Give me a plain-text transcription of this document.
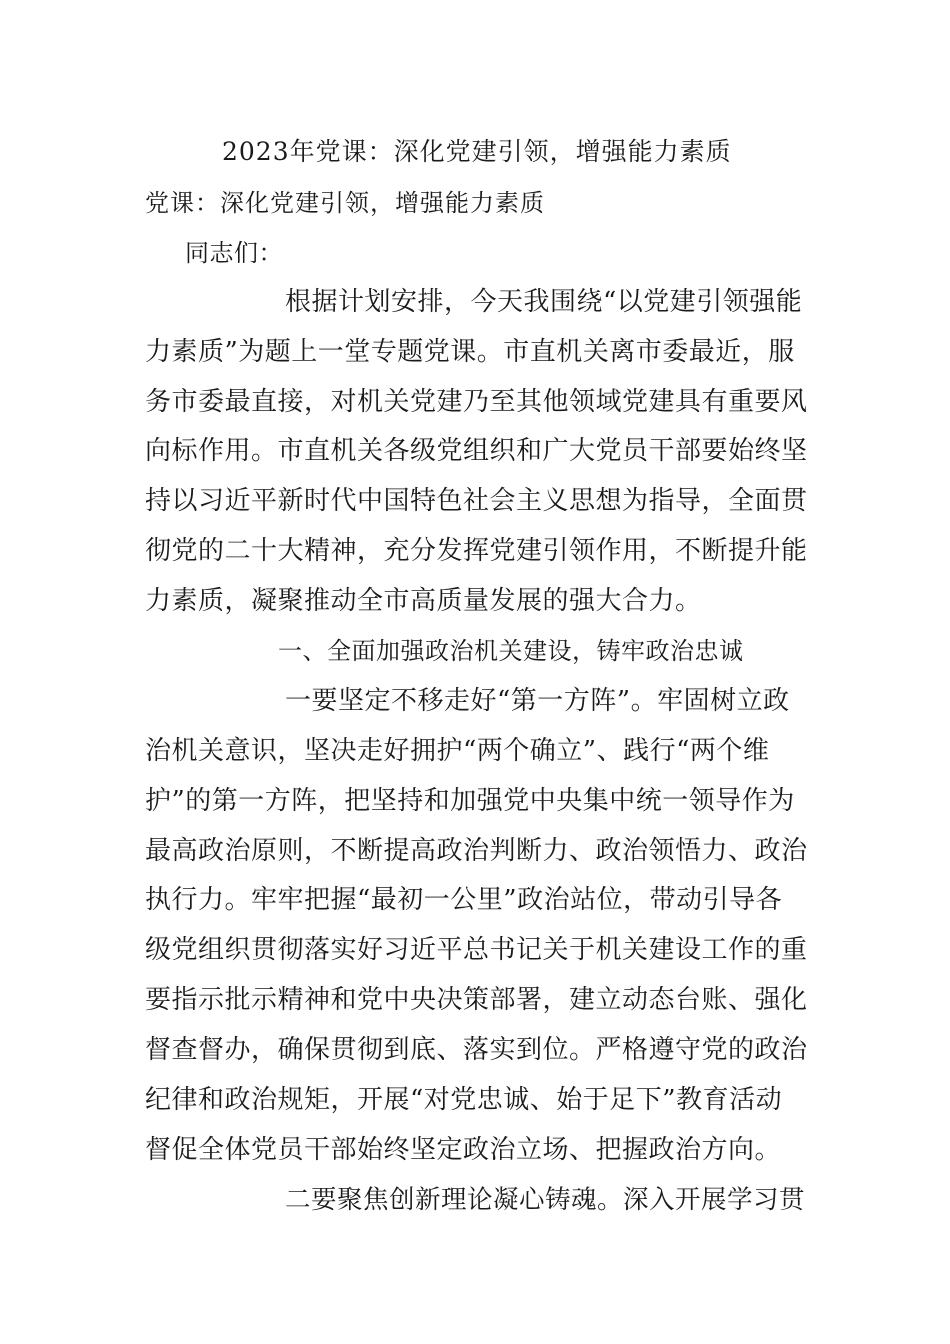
2023年党课：深化党建引领，增强能力素质
党课：深化党建引领，增强能力素质
同志们：
根据计划安排，今天我围绕“以党建引领强能
力素质”为题上一堂专题党课。市直机关离市委最近，服
务市委最直接，对机关党建乃至其他领域党建具有重要风
向标作用。市直机关各级党组织和广大党员干部要始终坚
持以习近平新时代中国特色社会主义思想为指导，全面贯
彻党的二十大精神，充分发挥党建引领作用，不断提升能
力素质，凝聚推动全市高质量发展的强大合力。
一、全面加强政治机关建设，铸牢政治忠诚
一要坚定不移走好“第一方阵”。牢固树立政
治机关意识，坚决走好拥护“两个确立”、践行“两个维
护”的第一方阵，把坚持和加强党中央集中统一领导作为
最高政治原则，不断提高政治判断力、政治领悟力、政治
执行力。牢牢把握“最初一公里”政治站位，带动引导各
级党组织贯彻落实好习近平总书记关于机关建设工作的重
要指示批示精神和党中央决策部署，建立动态台账、强化
督查督办，确保贯彻到底、落实到位。严格遵守党的政治
纪律和政治规矩，开展“对党忠诚、始于足下”教育活动
督促全体党员干部始终坚定政治立场、把握政治方向。
二要聚焦创新理论凝心铸魂。深入开展学习贯
